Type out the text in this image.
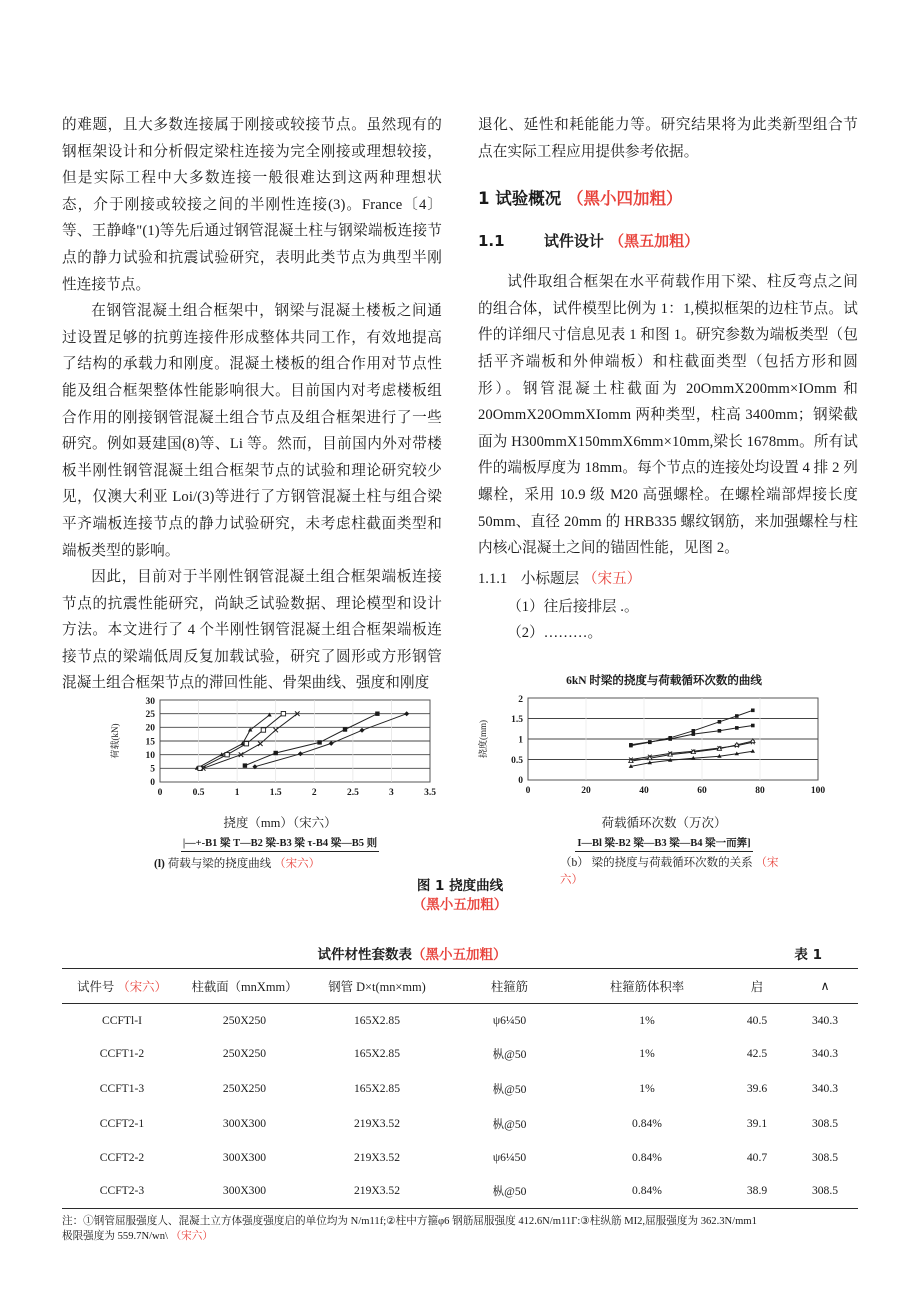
的难题，且大多数连接属于刚接或较接节点。虽然现有的钢框架设计和分析假定梁柱连接为完全刚接或理想较接，但是实际工程中大多数连接一般很难达到这两种理想状态，介于刚接或较接之间的半刚性连接(3)。France〔4〕等、王静峰"(1)等先后通过钢管混凝土柱与钢梁端板连接节点的静力试验和抗震试验研究，表明此类节点为典型半刚性连接节点。

在钢管混凝土组合框架中，钢梁与混凝土楼板之间通过设置足够的抗剪连接件形成整体共同工作，有效地提高了结构的承载力和刚度。混凝土楼板的组合作用对节点性能及组合框架整体性能影响很大。目前国内对考虑楼板组合作用的刚接钢管混凝土组合节点及组合框架进行了一些研究。例如聂建国(8)等、Li 等。然而，目前国内外对带楼板半刚性钢管混凝土组合框架节点的试验和理论研究较少见，仅澳大利亚 Loi/(3)等进行了方钢管混凝土柱与组合梁平齐端板连接节点的静力试验研究，未考虑柱截面类型和端板类型的影响。

因此，目前对于半刚性钢管混凝土组合框架端板连接节点的抗震性能研究，尚缺乏试验数据、理论模型和设计方法。本文进行了 4 个半刚性钢管混凝土组合框架端板连接节点的梁端低周反复加载试验，研究了圆形或方形钢管混凝土组合框架节点的滞回性能、骨架曲线、强度和刚度

退化、延性和耗能能力等。研究结果将为此类新型组合节点在实际工程应用提供参考依据。

1 试验概况 （黑小四加粗）
1.1	试件设计 （黑五加粗）

试件取组合框架在水平荷载作用下梁、柱反弯点之间的组合体，试件模型比例为 1：1,模拟框架的边柱节点。试件的详细尺寸信息见表 1 和图 1。研究参数为端板类型（包括平齐端板和外伸端板）和柱截面类型（包括方形和圆形）。钢管混凝土柱截面为 20OmmX200mm×IOmm 和 20OmmX20OmmXIomm 两种类型，柱高 3400mm；钢梁截面为 H300mmX150mmX6mm×10mm,梁长 1678mm。所有试件的端板厚度为 18mm。每个节点的连接处均设置 4 排 2 列螺栓，采用 10.9 级 M20 高强螺栓。在螺栓端部焊接长度 50mm、直径 20mm 的 HRB335 螺纹钢筋，来加强螺栓与柱内核心混凝土之间的锚固性能，见图 2。

1.1.1 小标题层 （宋五）

（1）往后接排层 .。

（2）………。

30
25
20
15
10
5
0
荷载(kN)
0	0.5	1	1.5	2	2.5	3	3.5
挠度（mm）（宋六）
|—+-B1 梁 T—B2 梁-B3 梁 τ-B4 梁—B5 则
6kN 时梁的挠度与荷载循环次数的曲线
2
1.5
1
0.5
0
挠度(mm)
0	20	40	60	80	100
荷载循环次数（万次）
I—Bl 梁-B2 梁—B3 梁—B4 梁一而筭]
(l) 荷载与梁的挠度曲线 （宋六）	（b） 梁的挠度与荷载循环次数的关系 （宋六）
图 1 挠度曲线
（黑小五加粗）
试件材性套数表（黑小五加粗）	表 1
试件号 （宋六）	柱截面（mnXmm）	钢管 D×t(mn×mm)	柱箍筋	柱箍筋体积率	启	∧
CCFTl-I	250X250	165X2.85	ψ6¼50	1%	40.5	340.3
CCFT1-2	250X250	165X2.85	枞@50	1%	42.5	340.3
CCFT1-3	250X250	165X2.85	枞@50	1%	39.6	340.3
CCFT2-1	300X300	219X3.52	枞@50	0.84%	39.1	308.5
CCFT2-2	300X300	219X3.52	ψ6¼50	0.84%	40.7	308.5
CCFT2-3	300X300	219X3.52	枞@50	0.84%	38.9	308.5
注：①钢管屈服强度人、混凝土立方体强度强度启的单位均为 N/m11f;②柱中方箍φ6 钢筋屈服强度 412.6N/m11Г:③柱纵筋 MI2,屈服强度为 362.3N/mm1
极限强度为 559.7N/wn\ （宋六）
